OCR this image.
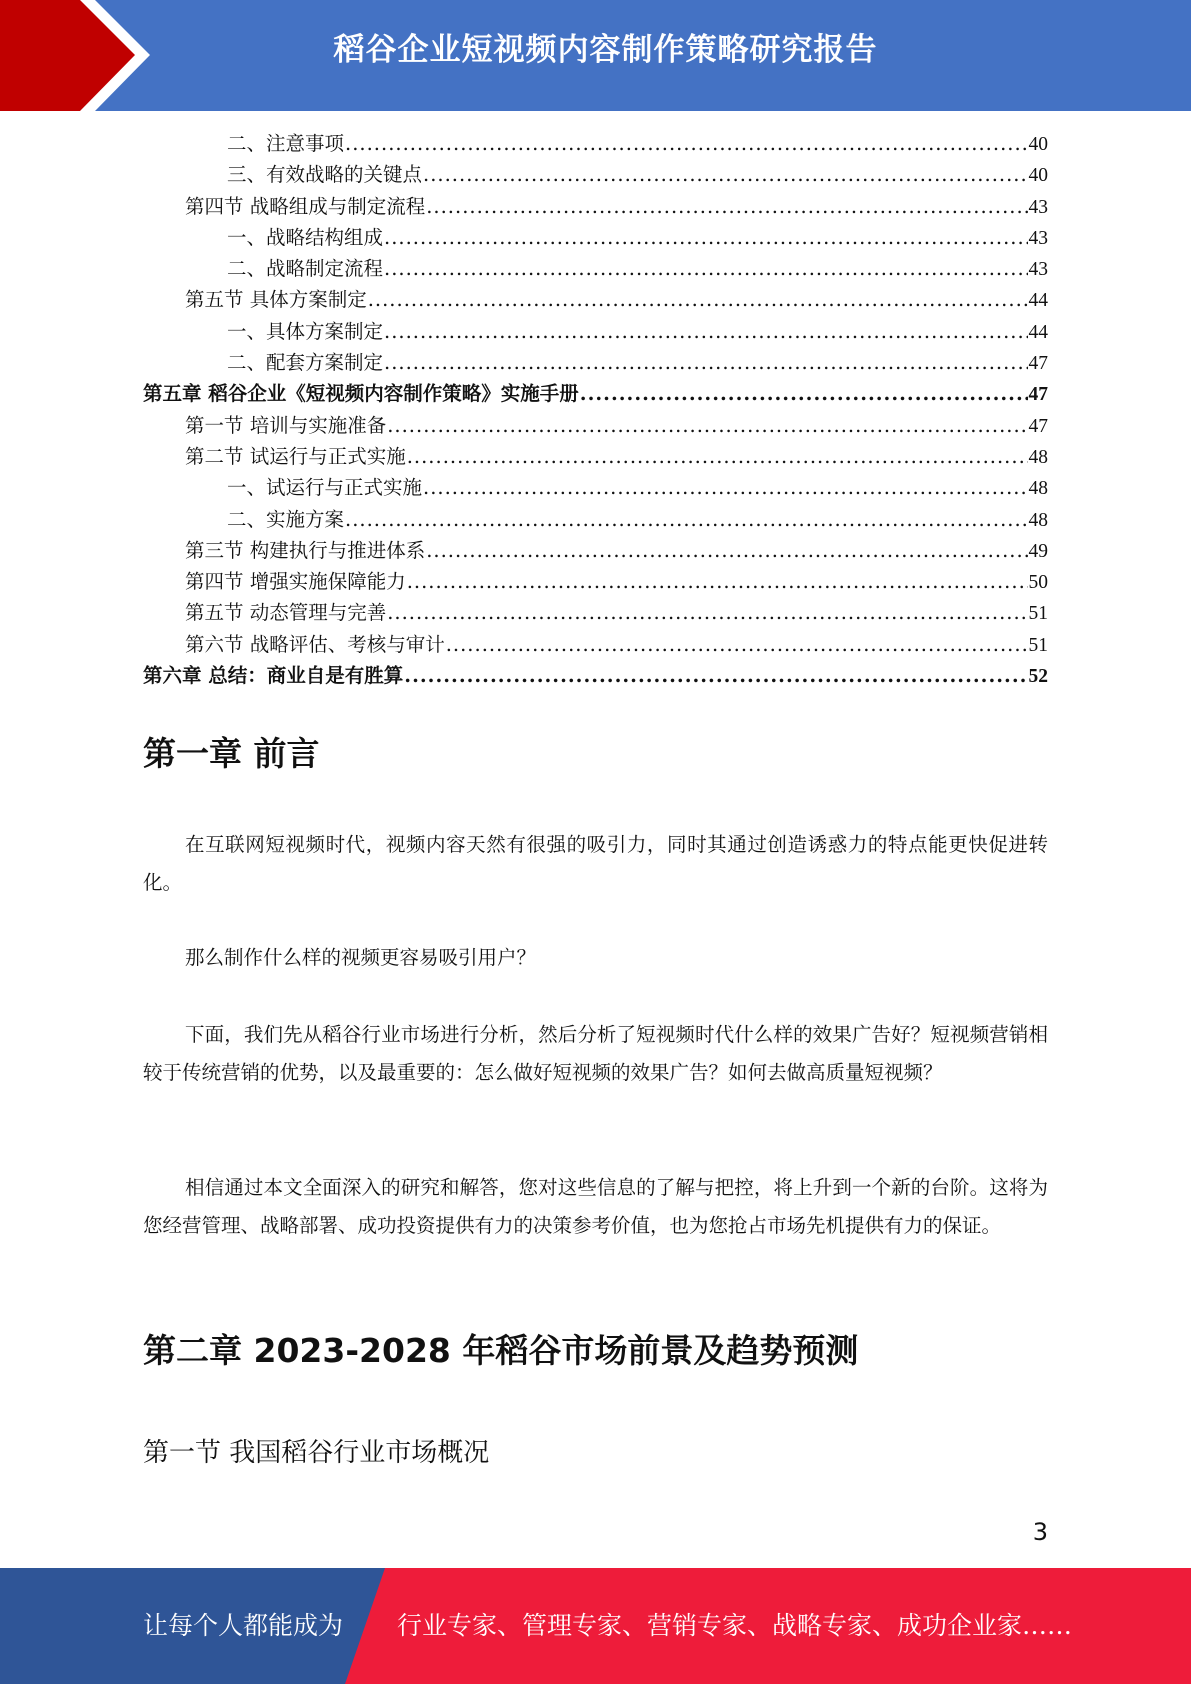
稻谷企业短视频内容制作策略研究报告
二、注意事项 .....	40
三、有效战略的关键点 .....	40
第四节 战略组成与制定流程 .....	43
一、战略结构组成 .....	43
二、战略制定流程 .....	43
第五节 具体方案制定 .....	44
一、具体方案制定 .....	44
二、配套方案制定 .....	47
第五章 稻谷企业《短视频内容制作策略》实施手册 .....	47
第一节 培训与实施准备 .....	47
第二节 试运行与正式实施 .....	48
一、试运行与正式实施 .....	48
二、实施方案 .....	48
第三节 构建执行与推进体系 .....	49
第四节 增强实施保障能力 .....	50
第五节 动态管理与完善 .....	51
第六节 战略评估、考核与审计 .....	51
第六章 总结：商业自是有胜算 .....	52
第一章 前言
在互联网短视频时代，视频内容天然有很强的吸引力，同时其通过创造诱惑力的特点能更快促进转化。
那么制作什么样的视频更容易吸引用户？
下面，我们先从稻谷行业市场进行分析，然后分析了短视频时代什么样的效果广告好？短视频营销相较于传统营销的优势，以及最重要的：怎么做好短视频的效果广告？如何去做高质量短视频？
相信通过本文全面深入的研究和解答，您对这些信息的了解与把控，将上升到一个新的台阶。这将为您经营管理、战略部署、成功投资提供有力的决策参考价值，也为您抢占市场先机提供有力的保证。
第二章 2023-2028 年稻谷市场前景及趋势预测
第一节 我国稻谷行业市场概况
3
让每个人都能成为 行业专家、管理专家、营销专家、战略专家、成功企业家……
